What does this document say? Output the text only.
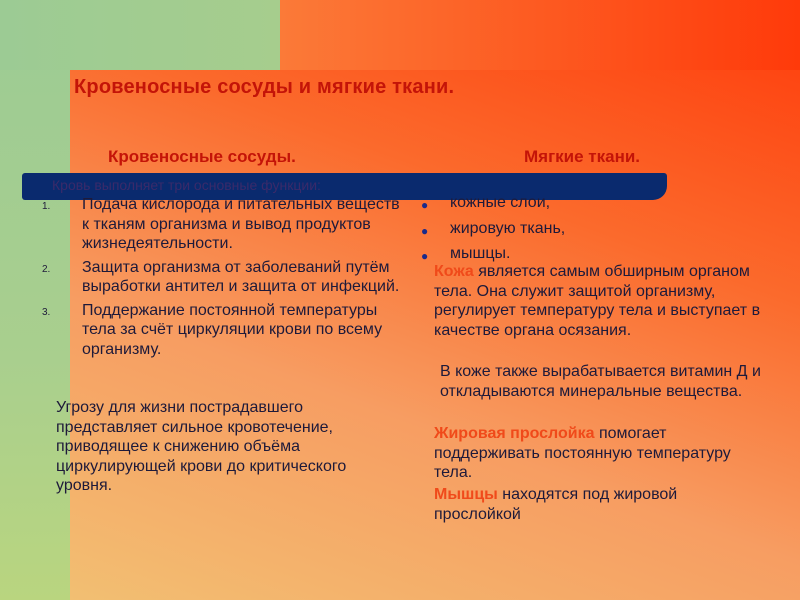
Кровеносные сосуды и мягкие ткани.
Кровеносные сосуды.	Мягкие ткани.
Кровь выполняет три основные функции:
1. Подача кислорода и питательных веществ к тканям организма и вывод продуктов жизнедеятельности.
2. Защита организма от заболеваний путём выработки антител и защита от инфекций.
3. Поддержание постоянной температуры тела за счёт циркуляции крови по всему организму.
Угрозу для жизни пострадавшего представляет сильное кровотечение, приводящее к снижению объёма циркулирующей крови до критического уровня.
● кожные слои,
● жировую ткань,
● мышцы.
Кожа является самым обширным органом тела. Она служит защитой организму, регулирует температуру тела и выступает в качестве органа осязания.
В коже также вырабатывается витамин Д и откладываются минеральные вещества.
Жировая прослойка помогает поддерживать постоянную температуру тела.
Мышцы находятся под жировой прослойкой
